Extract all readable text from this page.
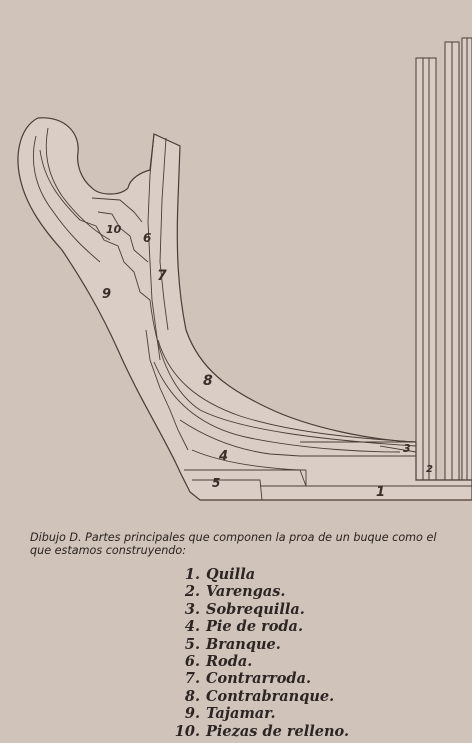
1
2
3
4
5
6
7
8
9
10
Dibujo D. Partes principales que componen la proa de un buque como el que estamos construyendo:
1. Quilla
2. Varengas.
3. Sobrequilla.
4. Pie de roda.
5. Branque.
6. Roda.
7. Contrarroda.
8. Contrabranque.
9. Tajamar.
10. Piezas de relleno.
